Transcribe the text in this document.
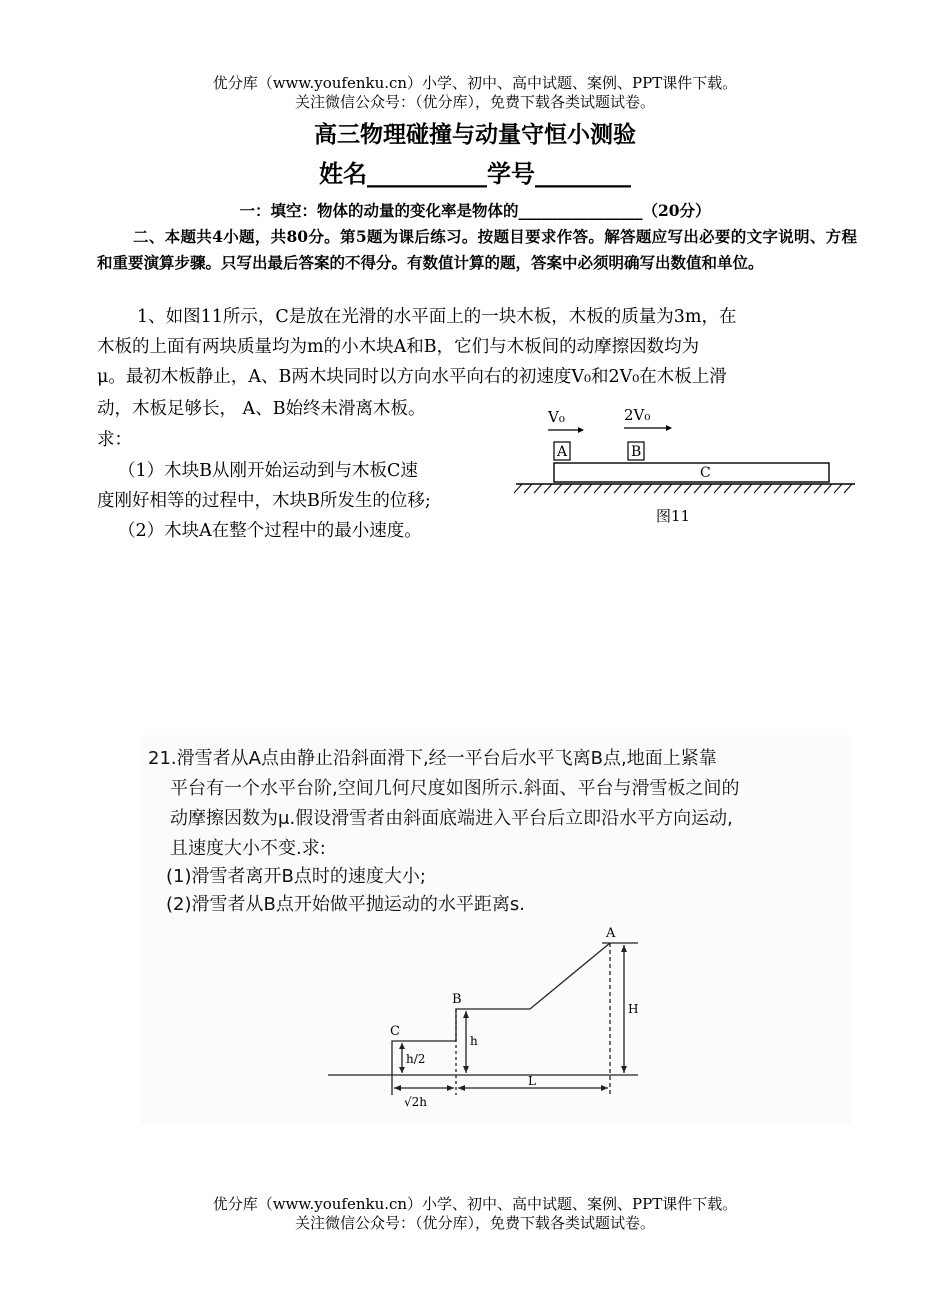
优分库（www.youfenku.cn）小学、初中、高中试题、案例、PPT课件下载。
关注微信公众号：（优分库），免费下载各类试题试卷。
高三物理碰撞与动量守恒小测验
姓名__________学号________
一：填空：物体的动量的变化率是物体的________________（20分）
二、本题共4小题，共80分。第5题为课后练习。按题目要求作答。解答题应写出必要的文字说明、方程和重要演算步骤。只写出最后答案的不得分。有数值计算的题，答案中必须明确写出数值和单位。
1、如图11所示，C是放在光滑的水平面上的一块木板，木板的质量为3m，在
木板的上面有两块质量均为m的小木块A和B，它们与木板间的动摩擦因数均为
μ。最初木板静止，A、B两木块同时以方向水平向右的初速度V₀和2V₀在木板上滑
动，木板足够长， A、B始终未滑离木板。
求：
（1）木块B从刚开始运动到与木板C速
度刚好相等的过程中，木块B所发生的位移;
（2）木块A在整个过程中的最小速度。
V₀	2V₀
A	B
C
图11
21.滑雪者从A点由静止沿斜面滑下,经一平台后水平飞离B点,地面上紧靠
平台有一个水平台阶,空间几何尺度如图所示.斜面、平台与滑雪板之间的
动摩擦因数为μ.假设滑雪者由斜面底端进入平台后立即沿水平方向运动,
且速度大小不变.求:
(1)滑雪者离开B点时的速度大小;
(2)滑雪者从B点开始做平抛运动的水平距离s.
A
B
C
h
h/2
H
L
√2h
优分库（www.youfenku.cn）小学、初中、高中试题、案例、PPT课件下载。
关注微信公众号：（优分库），免费下载各类试题试卷。
